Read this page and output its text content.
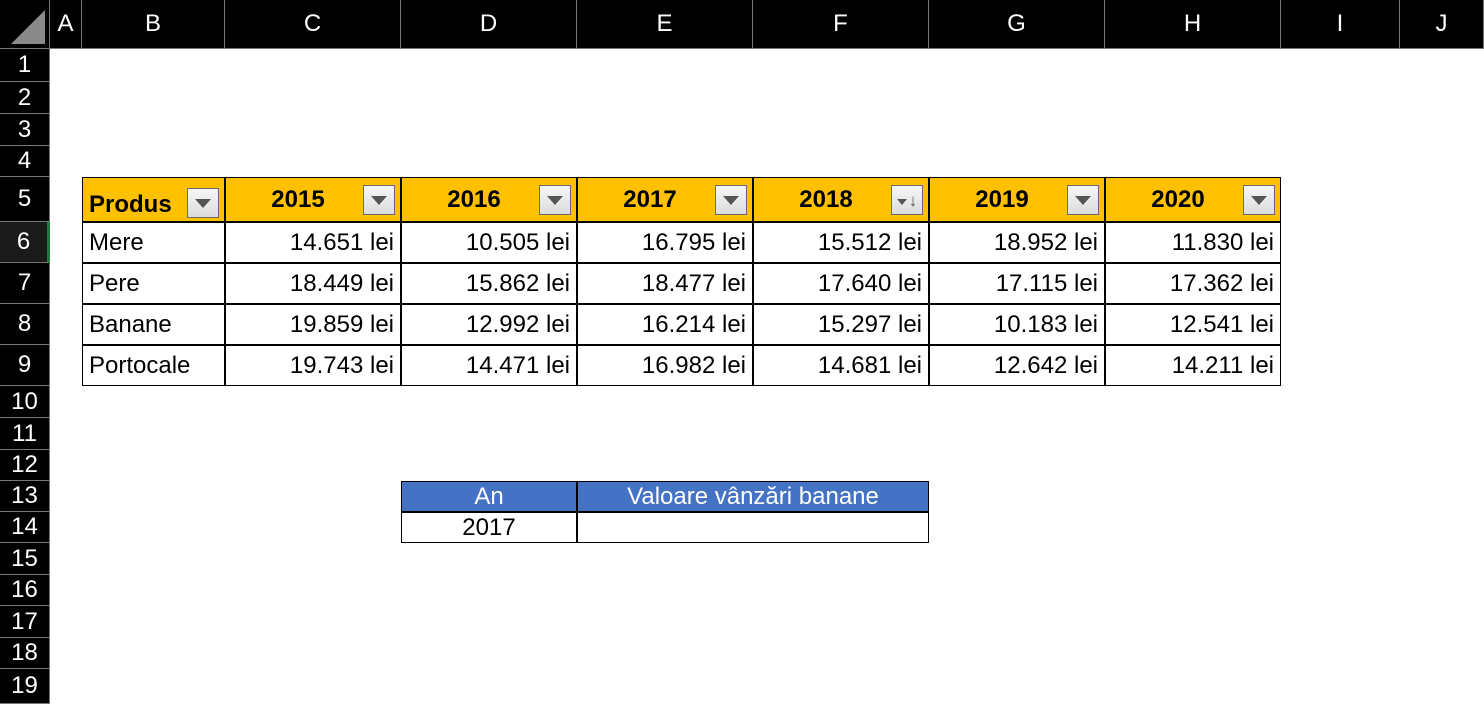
A	B	C	D	E	F	G	H	I	J
1
2
3
4
5
6
7
8
9
10
11
12
13
14
15
16
17
18
19
Produs	2015	2016	2017	2018	↓ 2019	2020
Mere	14.651 lei	10.505 lei	16.795 lei	15.512 lei	18.952 lei	11.830 lei
Pere	18.449 lei	15.862 lei	18.477 lei	17.640 lei	17.115 lei	17.362 lei
Banane	19.859 lei	12.992 lei	16.214 lei	15.297 lei	10.183 lei	12.541 lei
Portocale	19.743 lei	14.471 lei	16.982 lei	14.681 lei	12.642 lei	14.211 lei
An	Valoare vânzări banane
2017
